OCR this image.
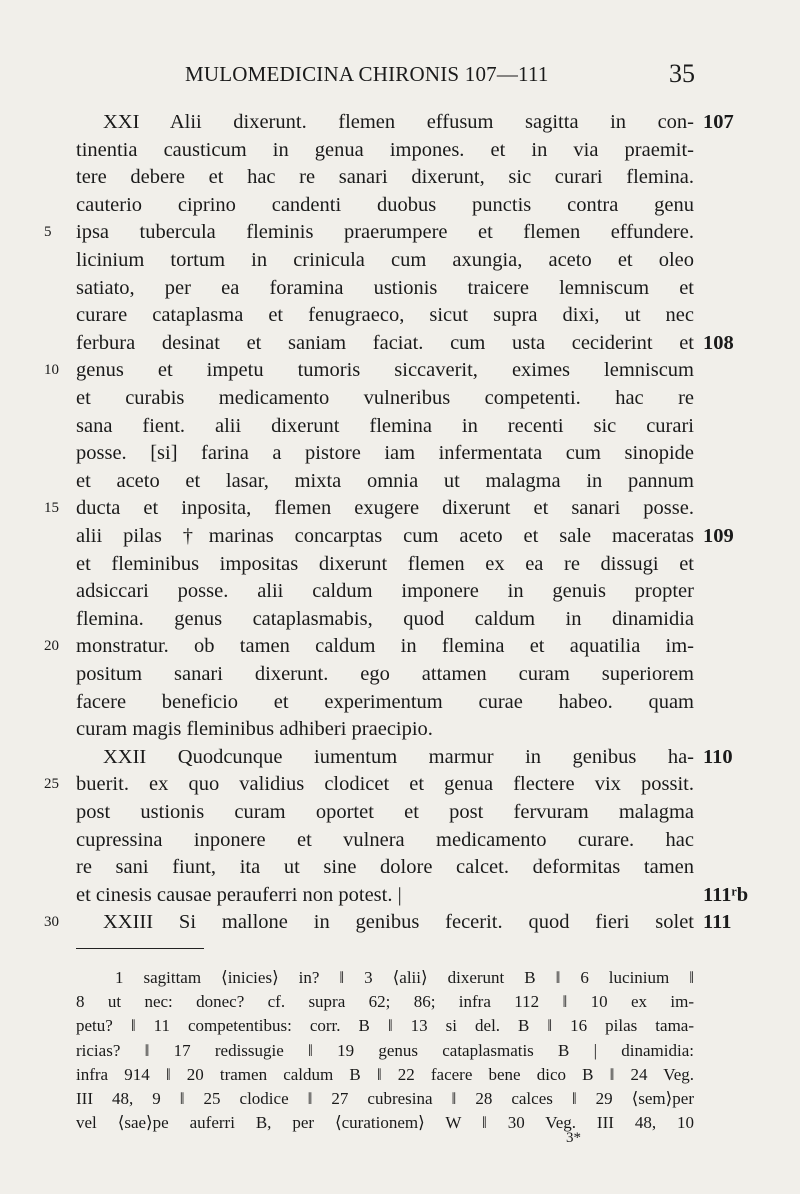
MULOMEDICINA CHIRONIS 107—111	35
XXI Alii dixerunt. flemen effusum sagitta in con- 107
tinentia causticum in genua impones. et in via praemit-
tere debere et hac re sanari dixerunt, sic curari flemina.
cauterio ciprino candenti duobus punctis contra genu
5	ipsa tubercula fleminis praerumpere et flemen effundere.
licinium tortum in crinicula cum axungia, aceto et oleo
satiato, per ea foramina ustionis traicere lemniscum et
curare cataplasma et fenugraeco, sicut supra dixi, ut nec
ferbura desinat et saniam faciat. cum usta ceciderint et 108
10 genus et impetu tumoris siccaverit, eximes lemniscum
et curabis medicamento vulneribus competenti. hac re
sana fient. alii dixerunt flemina in recenti sic curari
posse. [si] farina a pistore iam infermentata cum sinopide
et aceto et lasar, mixta omnia ut malagma in pannum
15 ducta et inposita, flemen exugere dixerunt et sanari posse.
alii pilas †marinas concarptas cum aceto et sale maceratas 109
et fleminibus impositas dixerunt flemen ex ea re dissugi et
adsiccari posse. alii caldum imponere in genuis propter
flemina. genus cataplasmabis, quod caldum in dinamidia
20 monstratur. ob tamen caldum in flemina et aquatilia im-
positum sanari dixerunt. ego attamen curam superiorem
facere beneficio et experimentum curae habeo. quam
curam magis fleminibus adhiberi praecipio.
XXII Quodcunque iumentum marmur in genibus ha- 110
25 buerit. ex quo validius clodicet et genua flectere vix possit.
post ustionis curam oportet et post fervuram malagma
cupressina inponere et vulnera medicamento curare. hac
re sani fiunt, ita ut sine dolore calcet. deformitas tamen
et cinesis causae perauferri non potest. |	111ʳb
30	XXIII Si mallone in genibus fecerit. quod fieri solet 111
1 sagittam ⟨inicies⟩ in? ‖ 3 ⟨alii⟩ dixerunt B ‖ 6 lucinium ‖
8 ut nec: donec? cf. supra 62; 86; infra 112 ‖ 10 ex im-
petu? ‖ 11 competentibus: corr. B ‖ 13 si del. B ‖ 16 pilas tama-
ricias? ‖ 17 redissugie ‖ 19 genus cataplasmatis B | dinamidia:
infra 914 ‖ 20 tramen caldum B ‖ 22 facere bene dico B ‖ 24 Veg.
III 48, 9 ‖ 25 clodice ‖ 27 cubresina ‖ 28 calces ‖ 29 ⟨sem⟩per
vel ⟨sae⟩pe auferri B, per ⟨curationem⟩ W ‖ 30 Veg. III 48, 10
3*
